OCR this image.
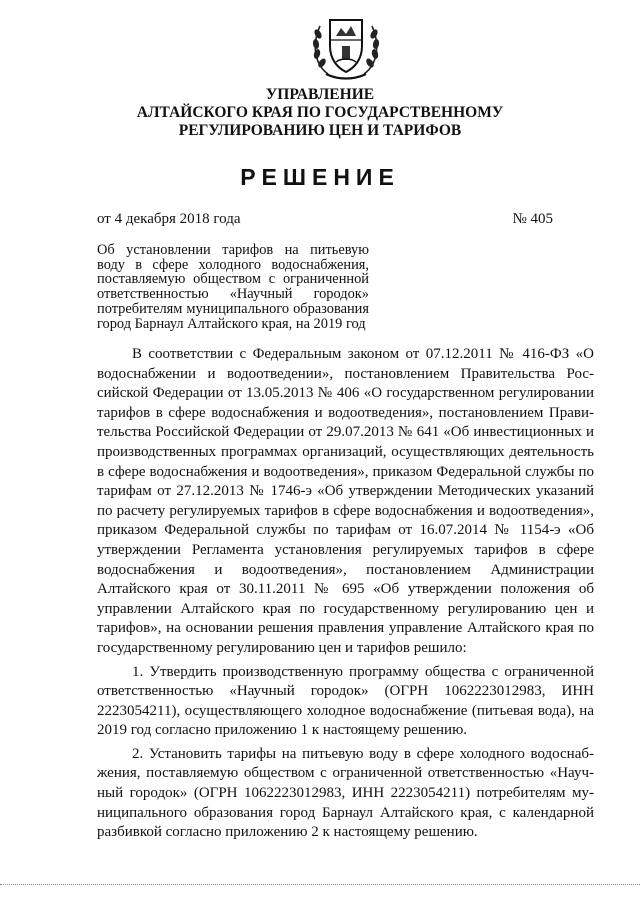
УПРАВЛЕНИЕ
АЛТАЙСКОГО КРАЯ ПО ГОСУДАРСТВЕННОМУ
РЕГУЛИРОВАНИЮ ЦЕН И ТАРИФОВ
РЕШЕНИЕ
от 4 декабря 2018 года	№ 405
Об установлении тарифов на питьевую воду в сфере холодного водоснабжения, поставляемую обществом с ограниченной ответственностью «Научный городок» потребителям муниципального образования город Барнаул Алтайского края, на 2019 год

В соответствии с Федеральным законом от 07.12.2011 № 416-ФЗ «О водоснабжении и водоотведении», постановлением Правительства Российской Федерации от 13.05.2013 № 406 «О государственном регулировании тарифов в сфере водоснабжения и водоотведения», постановлением Правительства Российской Федерации от 29.07.2013 № 641 «Об инвестиционных и производственных программах организаций, осуществляющих деятельность в сфере водоснабжения и водоотведения», приказом Федеральной службы по тарифам от 27.12.2013 № 1746-э «Об утверждении Методических указаний по расчету регулируемых тарифов в сфере водоснабжения и водоотведения», приказом Федеральной службы по тарифам от 16.07.2014 № 1154-э «Об утверждении Регламента установления регулируемых тарифов в сфере водоснабжения и водоотведения», постановлением Администрации Алтайского края от 30.11.2011 № 695 «Об утверждении положения об управлении Алтайского края по государственному регулированию цен и тарифов», на основании решения правления управление Алтайского края по государственному регулированию цен и тарифов решило:

1. Утвердить производственную программу общества с ограниченной ответственностью «Научный городок» (ОГРН 1062223012983, ИНН 2223054211), осуществляющего холодное водоснабжение (питьевая вода), на 2019 год согласно приложению 1 к настоящему решению.

2. Установить тарифы на питьевую воду в сфере холодного водоснабжения, поставляемую обществом с ограниченной ответственностью «Научный городок» (ОГРН 1062223012983, ИНН 2223054211) потребителям муниципального образования город Барнаул Алтайского края, с календарной разбивкой согласно приложению 2 к настоящему решению.
